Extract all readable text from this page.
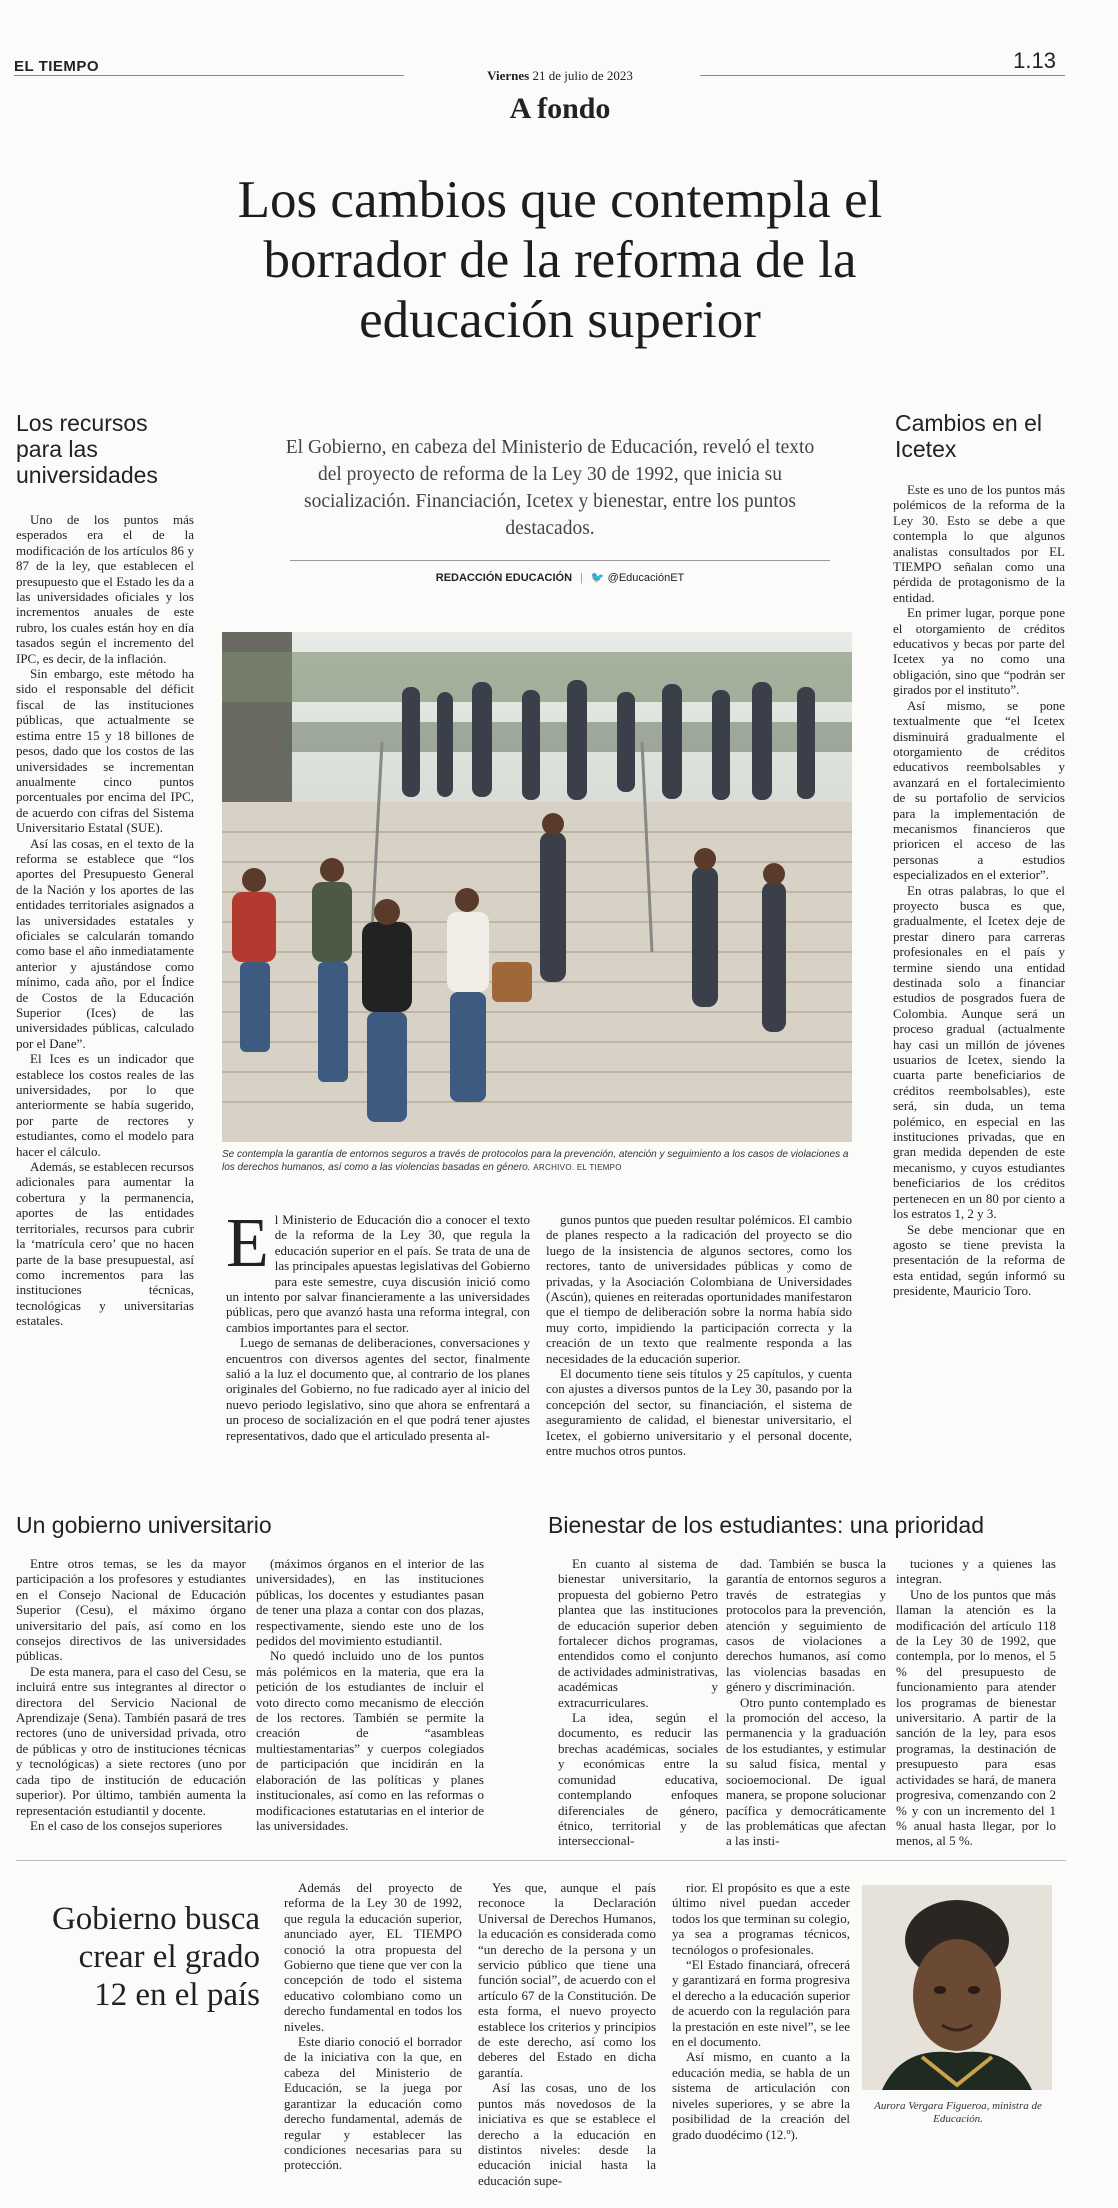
EL TIEMPO
Viernes 21 de julio de 2023
1.13
A fondo
Los cambios que contempla el borrador de la reforma de la educación superior
El Gobierno, en cabeza del Ministerio de Educación, reveló el texto del proyecto de reforma de la Ley 30 de 1992, que inicia su socialización. Financiación, Icetex y bienestar, entre los puntos destacados.
REDACCIÓN EDUCACIÓN | 🐦 @EducaciónET
Los recursos para las universidades

Uno de los puntos más esperados era el de la modificación de los artículos 86 y 87 de la ley, que establecen el presupuesto que el Estado les da a las universidades oficiales y los incrementos anuales de este rubro, los cuales están hoy en día tasados según el incremento del IPC, es decir, de la inflación.

Sin embargo, este método ha sido el responsable del déficit fiscal de las instituciones públicas, que actualmente se estima entre 15 y 18 billones de pesos, dado que los costos de las universidades se incrementan anualmente cinco puntos porcentuales por encima del IPC, de acuerdo con cifras del Sistema Universitario Estatal (SUE).

Así las cosas, en el texto de la reforma se establece que “los aportes del Presupuesto General de la Nación y los aportes de las entidades territoriales asignados a las universidades estatales y oficiales se calcularán tomando como base el año inmediatamente anterior y ajustándose como mínimo, cada año, por el Índice de Costos de la Educación Superior (Ices) de las universidades públicas, calculado por el Dane”.

El Ices es un indicador que establece los costos reales de las universidades, por lo que anteriormente se había sugerido, por parte de rectores y estudiantes, como el modelo para hacer el cálculo.

Además, se establecen recursos adicionales para aumentar la cobertura y la permanencia, aportes de las entidades territoriales, recursos para cubrir la ‘matrícula cero’ que no hacen parte de la base presupuestal, así como incrementos para las instituciones técnicas, tecnológicas y universitarias estatales.

Cambios en el Icetex

Este es uno de los puntos más polémicos de la reforma de la Ley 30. Esto se debe a que contempla lo que algunos analistas consultados por EL TIEMPO señalan como una pérdida de protagonismo de la entidad.

En primer lugar, porque pone el otorgamiento de créditos educativos y becas por parte del Icetex ya no como una obligación, sino que “podrán ser girados por el instituto”.

Así mismo, se pone textualmente que “el Icetex disminuirá gradualmente el otorgamiento de créditos educativos reembolsables y avanzará en el fortalecimiento de su portafolio de servicios para la implementación de mecanismos financieros que prioricen el acceso de las personas a estudios especializados en el exterior”.

En otras palabras, lo que el proyecto busca es que, gradualmente, el Icetex deje de prestar dinero para carreras profesionales en el país y termine siendo una entidad destinada solo a financiar estudios de posgrados fuera de Colombia. Aunque será un proceso gradual (actualmente hay casi un millón de jóvenes usuarios de Icetex, siendo la cuarta parte beneficiarios de créditos reembolsables), este será, sin duda, un tema polémico, en especial en las instituciones privadas, que en gran medida dependen de este mecanismo, y cuyos estudiantes beneficiarios de los créditos pertenecen en un 80 por ciento a los estratos 1, 2 y 3.

Se debe mencionar que en agosto se tiene prevista la presentación de la reforma de esta entidad, según informó su presidente, Mauricio Toro.

Se contempla la garantía de entornos seguros a través de protocolos para la prevención, atención y seguimiento a los casos de violaciones a los derechos humanos, así como a las violencias basadas en género. ARCHIVO. EL TIEMPO
E l Ministerio de Educación dio a conocer el texto de la reforma de la Ley 30, que regula la educación superior en el país. Se trata de una de las principales apuestas legislativas del Gobierno para este semestre, cuya discusión inició como un intento por salvar financieramente a las universidades públicas, pero que avanzó hasta una reforma integral, con cambios importantes para el sector.

Luego de semanas de deliberaciones, conversaciones y encuentros con diversos agentes del sector, finalmente salió a la luz el documento que, al contrario de los planes originales del Gobierno, no fue radicado ayer al inicio del nuevo periodo legislativo, sino que ahora se enfrentará a un proceso de socialización en el que podrá tener ajustes representativos, dado que el articulado presenta al-

gunos puntos que pueden resultar polémicos. El cambio de planes respecto a la radicación del proyecto se dio luego de la insistencia de algunos sectores, como los rectores, tanto de universidades públicas y como de privadas, y la Asociación Colombiana de Universidades (Ascún), quienes en reiteradas oportunidades manifestaron que el tiempo de deliberación sobre la norma había sido muy corto, impidiendo la participación correcta y la creación de un texto que realmente responda a las necesidades de la educación superior.

El documento tiene seis títulos y 25 capítulos, y cuenta con ajustes a diversos puntos de la Ley 30, pasando por la concepción del sector, su financiación, el sistema de aseguramiento de calidad, el bienestar universitario, el Icetex, el gobierno universitario y el personal docente, entre muchos otros puntos.

Un gobierno universitario

Entre otros temas, se les da mayor participación a los profesores y estudiantes en el Consejo Nacional de Educación Superior (Cesu), el máximo órgano universitario del país, así como en los consejos directivos de las universidades públicas.

De esta manera, para el caso del Cesu, se incluirá entre sus integrantes al director o directora del Servicio Nacional de Aprendizaje (Sena). También pasará de tres rectores (uno de universidad privada, otro de públicas y otro de instituciones técnicas y tecnológicas) a siete rectores (uno por cada tipo de institución de educación superior). Por último, también aumenta la representación estudiantil y docente.

En el caso de los consejos superiores

(máximos órganos en el interior de las universidades), en las instituciones públicas, los docentes y estudiantes pasan de tener una plaza a contar con dos plazas, respectivamente, siendo este uno de los pedidos del movimiento estudiantil.

No quedó incluido uno de los puntos más polémicos en la materia, que era la petición de los estudiantes de incluir el voto directo como mecanismo de elección de los rectores. También se permite la creación de “asambleas multiestamentarias” y cuerpos colegiados de participación que incidirán en la elaboración de las políticas y planes institucionales, así como en las reformas o modificaciones estatutarias en el interior de las universidades.

Bienestar de los estudiantes: una prioridad

En cuanto al sistema de bienestar universitario, la propuesta del gobierno Petro plantea que las instituciones de educación superior deben fortalecer dichos programas, entendidos como el conjunto de actividades administrativas, académicas y extracurriculares.

La idea, según el documento, es reducir las brechas académicas, sociales y económicas entre la comunidad educativa, contemplando enfoques diferenciales de género, étnico, territorial y de interseccional-

dad. También se busca la garantía de entornos seguros a través de estrategias y protocolos para la prevención, atención y seguimiento de casos de violaciones a derechos humanos, así como las violencias basadas en género y discriminación.

Otro punto contemplado es la promoción del acceso, la permanencia y la graduación de los estudiantes, y estimular su salud física, mental y socioemocional. De igual manera, se propone solucionar pacífica y democráticamente las problemáticas que afectan a las insti-

tuciones y a quienes las integran.

Uno de los puntos que más llaman la atención es la modificación del artículo 118 de la Ley 30 de 1992, que contempla, por lo menos, el 5 % del presupuesto de funcionamiento para atender los programas de bienestar universitario. A partir de la sanción de la ley, para esos programas, la destinación de presupuesto para esas actividades se hará, de manera progresiva, comenzando con 2 % y con un incremento del 1 % anual hasta llegar, por lo menos, al 5 %.

Gobierno busca crear el grado 12 en el país

Además del proyecto de reforma de la Ley 30 de 1992, que regula la educación superior, anunciado ayer, EL TIEMPO conoció la otra propuesta del Gobierno que tiene que ver con la concepción de todo el sistema educativo colombiano como un derecho fundamental en todos los niveles.

Este diario conoció el borrador de la iniciativa con la que, en cabeza del Ministerio de Educación, se la juega por garantizar la educación como derecho fundamental, además de regular y establecer las condiciones necesarias para su protección.

Yes que, aunque el país reconoce la Declaración Universal de Derechos Humanos, la educación es considerada como “un derecho de la persona y un servicio público que tiene una función social”, de acuerdo con el artículo 67 de la Constitución. De esta forma, el nuevo proyecto establece los criterios y principios de este derecho, así como los deberes del Estado en dicha garantía.

Así las cosas, uno de los puntos más novedosos de la iniciativa es que se establece el derecho a la educación en distintos niveles: desde la educación inicial hasta la educación supe-

rior. El propósito es que a este último nivel puedan acceder todos los que terminan su colegio, ya sea a programas técnicos, tecnólogos o profesionales.

“El Estado financiará, ofrecerá y garantizará en forma progresiva el derecho a la educación superior de acuerdo con la regulación para la prestación en este nivel”, se lee en el documento.

Así mismo, en cuanto a la educación media, se habla de un sistema de articulación con niveles superiores, y se abre la posibilidad de la creación del grado duodécimo (12.º).

Aurora Vergara Figueroa, ministra de Educación.
